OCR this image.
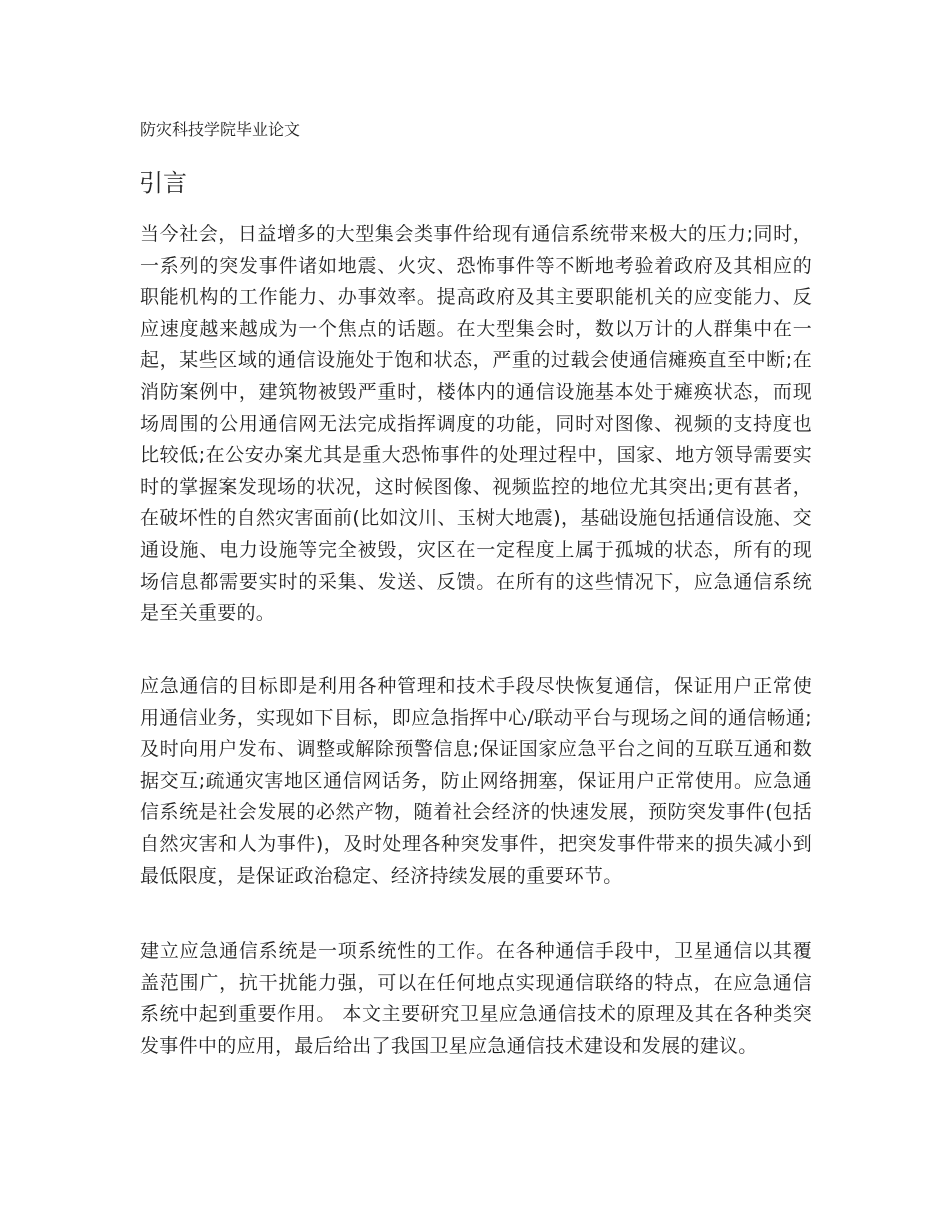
防灾科技学院毕业论文
引言

当今社会，日益增多的大型集会类事件给现有通信系统带来极大的压力;同时，一系列的突发事件诸如地震、火灾、恐怖事件等不断地考验着政府及其相应的职能机构的工作能力、办事效率。提高政府及其主要职能机关的应变能力、反应速度越来越成为一个焦点的话题。在大型集会时，数以万计的人群集中在一起，某些区域的通信设施处于饱和状态，严重的过载会使通信瘫痪直至中断;在消防案例中，建筑物被毁严重时，楼体内的通信设施基本处于瘫痪状态，而现场周围的公用通信网无法完成指挥调度的功能，同时对图像、视频的支持度也比较低;在公安办案尤其是重大恐怖事件的处理过程中，国家、地方领导需要实时的掌握案发现场的状况，这时候图像、视频监控的地位尤其突出;更有甚者，在破坏性的自然灾害面前(比如汶川、玉树大地震)，基础设施包括通信设施、交通设施、电力设施等完全被毁，灾区在一定程度上属于孤城的状态，所有的现场信息都需要实时的采集、发送、反馈。在所有的这些情况下，应急通信系统是至关重要的。

应急通信的目标即是利用各种管理和技术手段尽快恢复通信，保证用户正常使用通信业务，实现如下目标，即应急指挥中心/联动平台与现场之间的通信畅通;及时向用户发布、调整或解除预警信息;保证国家应急平台之间的互联互通和数据交互;疏通灾害地区通信网话务，防止网络拥塞，保证用户正常使用。应急通信系统是社会发展的必然产物，随着社会经济的快速发展，预防突发事件(包括自然灾害和人为事件)，及时处理各种突发事件，把突发事件带来的损失减小到最低限度，是保证政治稳定、经济持续发展的重要环节。

建立应急通信系统是一项系统性的工作。在各种通信手段中，卫星通信以其覆盖范围广，抗干扰能力强，可以在任何地点实现通信联络的特点，在应急通信系统中起到重要作用。 本文主要研究卫星应急通信技术的原理及其在各种类突发事件中的应用，最后给出了我国卫星应急通信技术建设和发展的建议。
